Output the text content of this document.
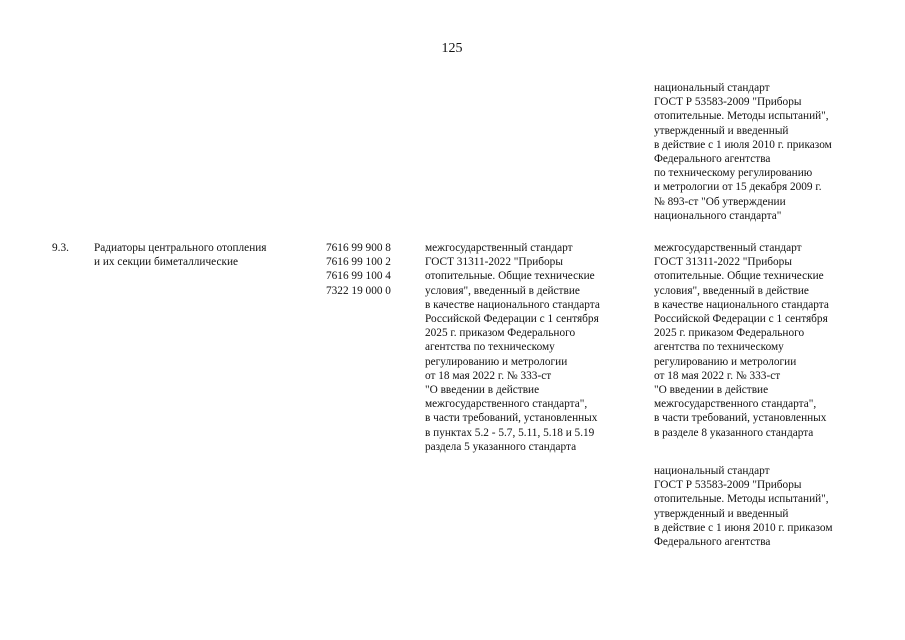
125
национальный стандарт
ГОСТ Р 53583-2009 "Приборы
отопительные. Методы испытаний",
утвержденный и введенный
в действие с 1 июля 2010 г. приказом
Федерального агентства
по техническому регулированию
и метрологии от 15 декабря 2009 г.
№ 893-ст "Об утверждении
национального стандарта"
9.3. Радиаторы центрального отопления
и их секции биметаллические
7616 99 900 8
7616 99 100 2
7616 99 100 4
7322 19 000 0
межгосударственный стандарт
ГОСТ 31311-2022 "Приборы
отопительные. Общие технические
условия", введенный в действие
в качестве национального стандарта
Российской Федерации с 1 сентября
2025 г. приказом Федерального
агентства по техническому
регулированию и метрологии
от 18 мая 2022 г. № 333-ст
"О введении в действие
межгосударственного стандарта",
в части требований, установленных
в пунктах 5.2 - 5.7, 5.11, 5.18 и 5.19
раздела 5 указанного стандарта
межгосударственный стандарт
ГОСТ 31311-2022 "Приборы
отопительные. Общие технические
условия", введенный в действие
в качестве национального стандарта
Российской Федерации с 1 сентября
2025 г. приказом Федерального
агентства по техническому
регулированию и метрологии
от 18 мая 2022 г. № 333-ст
"О введении в действие
межгосударственного стандарта",
в части требований, установленных
в разделе 8 указанного стандарта
национальный стандарт
ГОСТ Р 53583-2009 "Приборы
отопительные. Методы испытаний",
утвержденный и введенный
в действие с 1 июня 2010 г. приказом
Федерального агентства
